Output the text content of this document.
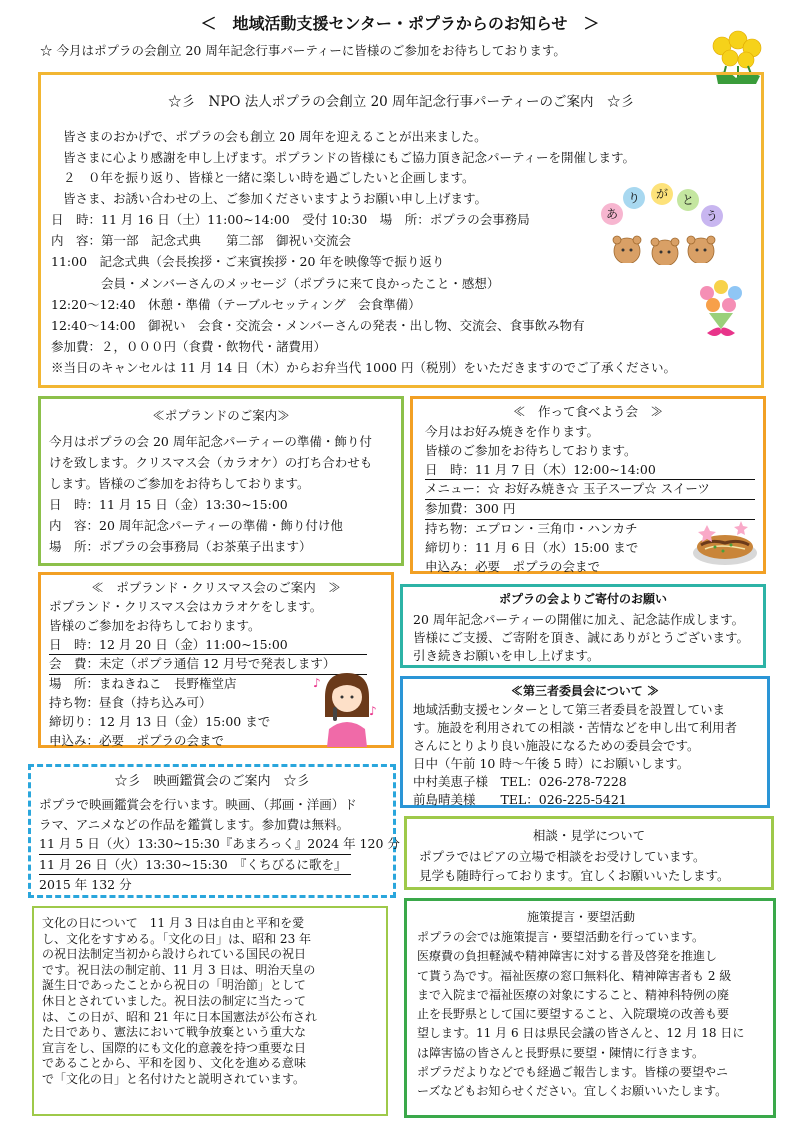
＜　地域活動支援センター・ポプラからのお知らせ　＞
☆ 今月はポプラの会創立 20 周年記念行事パーティーに皆様のご参加をお待ちしております。
☆彡　NPO 法人ポプラの会創立 20 周年記念行事パーティーのご案内　☆彡
皆さまのおかげで、ポプラの会も創立 20 周年を迎えることが出来ました。
皆さまに心より感謝を申し上げます。ポプランドの皆様にもご協力頂き記念パーティーを開催します。
２　０年を振り返り、皆様と一緒に楽しい時を過ごしたいと企画します。
皆さま、お誘い合わせの上、ご参加くださいますようお願い申し上げます。
日　時：11 月 16 日（土）11:00~14:00　受付 10:30　場　所：ポプラの会事務局
内　容：第一部　記念式典　　第二部　御祝い交流会
11:00　記念式典（会長挨拶・ご来賓挨拶・20 年を映像等で振り返り
　　　　会員・メンバーさんのメッセージ（ポプラに来て良かったこと・感想）
12:20～12:40　休憩・準備（テーブルセッティング　会食準備）
12:40～14:00　御祝い　会食・交流会・メンバーさんの発表・出し物、交流会、食事飲み物有
参加費：２，０００円（食費・飲物代・諸費用）
※当日のキャンセルは 11 月 14 日（木）からお弁当代 1000 円（税別）をいただきますのでご了承ください。
あ
り	が	と
う
≪ポプランドのご案内≫
今月はポプラの会 20 周年記念パーティーの準備・飾り付
けを致します。クリスマス会（カラオケ）の打ち合わせも
します。皆様のご参加をお待ちしております。
日　時：11 月 15 日（金）13:30~15:00
内　容：20 周年記念パーティーの準備・飾り付け他
場　所：ポプラの会事務局（お茶菓子出ます）
≪　作って食べよう会　≫
今月はお好み焼きを作ります。
皆様のご参加をお待ちしております。
日　時：11 月 7 日（木）12:00~14:00
メニュー：☆ お好み焼き☆ 玉子スープ☆ スイーツ
参加費：300 円
持ち物：エプロン・三角巾・ハンカチ
締切り：11 月 6 日（水）15:00 まで
申込み：必要　ポプラの会まで
≪　ポプランド・クリスマス会のご案内　≫
ポプランド・クリスマス会はカラオケをします。
皆様のご参加をお待ちしております。
日　時：12 月 20 日（金）11:00~15:00
会　費：未定（ポプラ通信 12 月号で発表します）
場　所：まねきねこ　長野権堂店
持ち物：昼食（持ち込み可）
締切り：12 月 13 日（金）15:00 まで
申込み：必要　ポプラの会まで
♪
♪
ポプラの会よりご寄付のお願い
20 周年記念パーティーの開催に加え、記念誌作成します。
皆様にご支援、ご寄附を頂き、誠にありがとうございます。
引き続きお願いを申し上げます。
≪第三者委員会について ≫
地域活動支援センターとして第三者委員を設置していま
す。施設を利用されての相談・苦情などを申し出て利用者
さんにとりより良い施設になるための委員会です。
日中（午前 10 時～午後 5 時）にお願いします。
中村美恵子様　TEL：026-278-7228
前島晴美様　　TEL：026-225-5421
☆彡　映画鑑賞会のご案内　☆彡
ポプラで映画鑑賞会を行います。映画、（邦画・洋画）ド
ラマ、アニメなどの作品を鑑賞します。参加費は無料。
11 月 5 日（火）13:30~15:30『あまろっく』2024 年 120 分
11 月 26 日（火）13:30~15:30　『くちびるに歌を』
2015 年 132 分
相談・見学について
ポプラではピアの立場で相談をお受けしています。
見学も随時行っております。宜しくお願いいたします。
文化の日について　11 月 3 日は自由と平和を愛
し、文化をすすめる。「文化の日」は、昭和 23 年
の祝日法制定当初から設けられている国民の祝日
です。祝日法の制定前、11 月 3 日は、明治天皇の
誕生日であったことから祝日の「明治節」として
休日とされていました。祝日法の制定に当たって
は、この日が、昭和 21 年に日本国憲法が公布され
た日であり、憲法において戦争放棄という重大な
宣言をし、国際的にも文化的意義を持つ重要な日
であることから、平和を図り、文化を進める意味
で「文化の日」と名付けたと説明されています。
施策提言・要望活動
ポプラの会では施策提言・要望活動を行っています。
医療費の負担軽減や精神障害に対する普及啓発を推進し
て貰う為です。福祉医療の窓口無料化、精神障害者も 2 級
まで入院まで福祉医療の対象にすること、精神科特例の廃
止を長野県として国に要望すること、入院環境の改善も要
望します。11 月 6 日は県民会議の皆さんと、12 月 18 日に
は障害協の皆さんと長野県に要望・陳情に行きます。
ポプラだよりなどでも経過ご報告します。皆様の要望やニ
ーズなどもお知らせください。宜しくお願いいたします。
